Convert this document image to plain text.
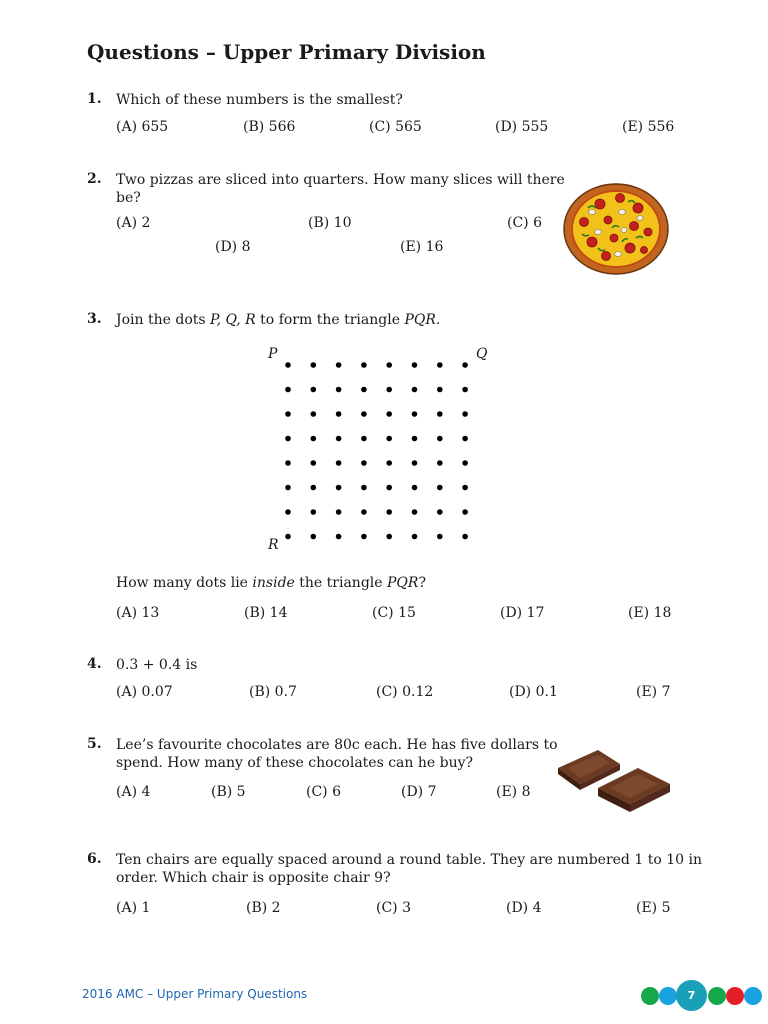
Questions – Upper Primary Division
1. Which of these numbers is the smallest?
(A) 655	(B) 566	(C) 565	(D) 555	(E) 556
2. Two pizzas are sliced into quarters. How many slices will there
be?
(A) 2	(B) 10	(C) 6
(D) 8	(E) 16
3. Join the dots P, Q, R to form the triangle PQR.
P	Q
R
How many dots lie inside the triangle PQR?
(A) 13	(B) 14	(C) 15	(D) 17	(E) 18
4. 0.3 + 0.4 is
(A) 0.07	(B) 0.7	(C) 0.12	(D) 0.1	(E) 7
5. Lee’s favourite chocolates are 80c each. He has five dollars to
spend. How many of these chocolates can he buy?
(A) 4	(B) 5	(C) 6	(D) 7	(E) 8
6. Ten chairs are equally spaced around a round table. They are numbered 1 to 10 in
order. Which chair is opposite chair 9?
(A) 1	(B) 2	(C) 3	(D) 4	(E) 5
2016 AMC – Upper Primary Questions	7
